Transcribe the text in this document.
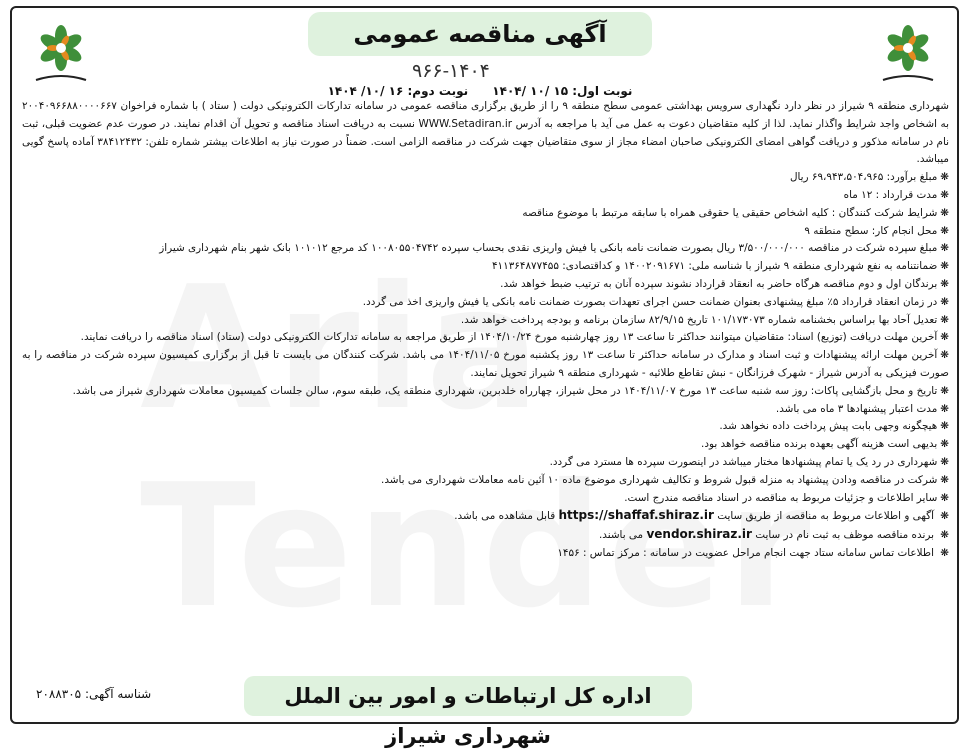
آگهی مناقصه عمومی
۹۶۶-۱۴۰۴
نوبت اول: ۱۵ /۱۰ /۱۴۰۴ نوبت دوم: ۱۶ /۱۰/ ۱۴۰۴

شهرداری منطقه ۹ شیراز در نظر دارد نگهداری سرویس بهداشتی عمومی سطح منطقه ۹ را از طریق برگزاری مناقصه عمومی در سامانه تدارکات الکترونیکی دولت ( ستاد ) با شماره فراخوان ۲۰۰۴۰۹۶۶۸۸۰۰۰۰۶۶۷ به اشخاص واجد شرایط واگذار نماید. لذا از کلیه متقاضیان دعوت به عمل می آید با مراجعه به آدرس WWW.Setadiran.ir نسبت به دریافت اسناد مناقصه و تحویل آن اقدام نمایند. در صورت عدم عضویت قبلی، ثبت نام در سامانه مذکور و دریافت گواهی امضای الکترونیکی صاحبان امضاء مجاز از سوی متقاضیان جهت شرکت در مناقصه الزامی است. ضمناً در صورت نیاز به اطلاعات بیشتر شماره تلفن: ۳۸۴۱۲۴۳۲ آماده پاسخ گویی میباشد.

❋مبلغ برآورد: ۶۹،۹۴۳،۵۰۴،۹۶۵ ریال

❋مدت قرارداد : ۱۲ ماه

❋شرایط شرکت کنندگان : کلیه اشخاص حقیقی یا حقوقی همراه با سابقه مرتبط با موضوع مناقصه

❋محل انجام کار: سطح منطقه ۹

❋مبلغ سپرده شرکت در مناقصه ۳/۵۰۰/۰۰۰/۰۰۰ ریال بصورت ضمانت نامه بانکی یا فیش واریزی نقدی بحساب سپرده ۱۰۰۸۰۵۵۰۴۷۴۲ کد مرجع ۱۰۱۰۱۲ بانک شهر بنام شهرداری شیراز

❋ضمانتنامه به نفع شهرداری منطقه ۹ شیراز با شناسه ملی: ۱۴۰۰۲۰۹۱۶۷۱ و کداقتصادی: ۴۱۱۳۶۴۸۷۷۴۵۵

❋برندگان اول و دوم مناقصه هرگاه حاضر به انعقاد قرارداد نشوند سپرده آنان به ترتیب ضبط خواهد شد.

❋در زمان انعقاد قرارداد ۵٪ مبلغ پیشنهادی بعنوان ضمانت حسن اجرای تعهدات بصورت ضمانت نامه بانکی یا فیش واریزی اخذ می گردد.

❋تعدیل آحاد بها براساس بخشنامه شماره ۱۰۱/۱۷۳۰۷۳ تاریخ ۸۲/۹/۱۵ سازمان برنامه و بودجه پرداخت خواهد شد.

❋آخرین مهلت دریافت (توزیع) اسناد: متقاضیان میتوانند حداکثر تا ساعت ۱۳ روز چهارشنبه مورخ ۱۴۰۴/۱۰/۲۴ از طریق مراجعه به سامانه تدارکات الکترونیکی دولت (ستاد) اسناد مناقصه را دریافت نمایند.

❋آخرین مهلت ارائه پیشنهادات و ثبت اسناد و مدارک در سامانه حداکثر تا ساعت ۱۳ روز یکشنبه مورخ ۱۴۰۴/۱۱/۰۵ می باشد. شرکت کنندگان می بایست تا قبل از برگزاری کمیسیون سپرده شرکت در مناقصه را به صورت فیزیکی به آدرس شیراز - شهرک فرزانگان - نبش تقاطع طلائیه - شهرداری منطقه ۹ شیراز تحویل نمایند.

❋تاریخ و محل بازگشایی پاکات: روز سه شنبه ساعت ۱۳ مورخ ۱۴۰۴/۱۱/۰۷ در محل شیراز، چهارراه خلدبرین، شهرداری منطقه یک، طبقه سوم، سالن جلسات کمیسیون معاملات شهرداری شیراز می باشد.

❋مدت اعتبار پیشنهادها ۳ ماه می باشد.

❋هیچگونه وجهی بابت پیش پرداخت داده نخواهد شد.

❋بدیهی است هزینه آگهی بعهده برنده مناقصه خواهد بود.

❋شهرداری در رد یک یا تمام پیشنهادها مختار میباشد در اینصورت سپرده ها مسترد می گردد.

❋شرکت در مناقصه ودادن پیشنهاد به منزله قبول شروط و تکالیف شهرداری موضوع ماده ۱۰ آئین نامه معاملات شهرداری می باشد.

❋سایر اطلاعات و جزئیات مربوط به مناقصه در اسناد مناقصه مندرج است.

❋ آگهی و اطلاعات مربوط به مناقصه از طریق سایت https://shaffaf.shiraz.ir قابل مشاهده می باشد.

❋ برنده مناقصه موظف به ثبت نام در سایت vendor.shiraz.ir می باشند.

❋ اطلاعات تماس سامانه ستاد جهت انجام مراحل عضویت در سامانه : مرکز تماس : ۱۴۵۶

اداره کل ارتباطات و امور بین الملل شهرداری شیراز
شناسه آگهی: ۲۰۸۸۳۰۵
